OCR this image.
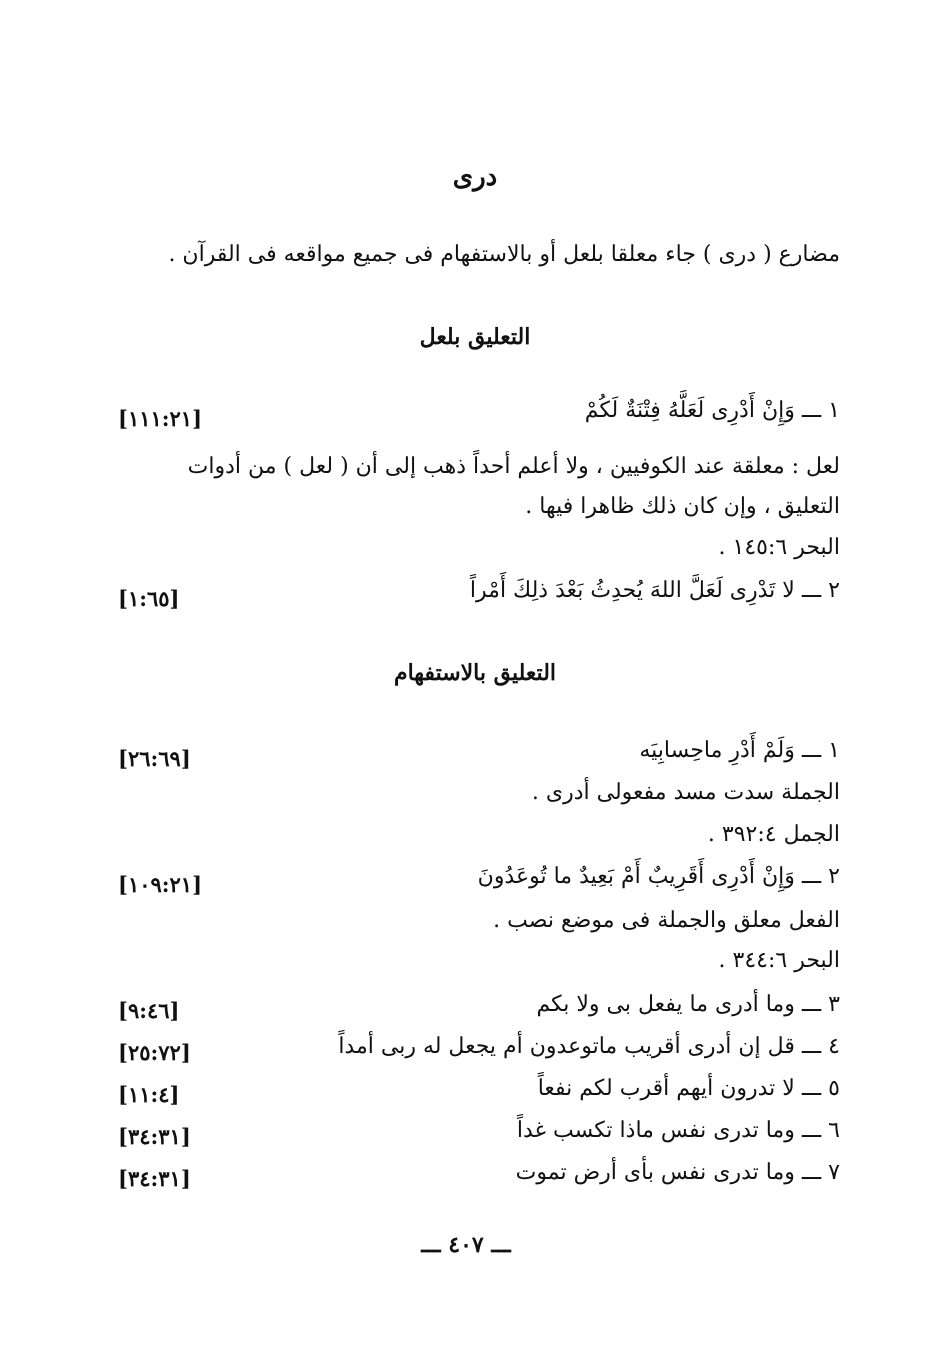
درى
مضارع ( درى ) جاء معلقا بلعل أو بالاستفهام فى جميع مواقعه فى القرآن .
التعليق بلعل
١ ـــ وَإِنْ أَدْرِى لَعَلَّهُ فِتْنَةٌ لَكُمْ
[١١١:٢١]
لعل : معلقة عند الكوفيين ، ولا أعلم أحداً ذهب إلى أن ( لعل ) من أدوات
التعليق ، وإن كان ذلك ظاهرا فيها .
البحر ١٤٥:٦ .
٢ ـــ لا تَدْرِى لَعَلَّ اللهَ يُحدِثُ بَعْدَ ذلِكَ أَمْراً
[١:٦٥]
التعليق بالاستفهام
١ ـــ وَلَمْ أَدْرِ ماحِسابِيَه
[٢٦:٦٩]
الجملة سدت مسد مفعولى أدرى .
الجمل ٣٩٢:٤ .
٢ ـــ وَإِنْ أَدْرِى أَقَرِيبٌ أَمْ بَعِيدٌ ما تُوعَدُونَ
[١٠٩:٢١]
الفعل معلق والجملة فى موضع نصب .
البحر ٣٤٤:٦ .
٣ ـــ وما أدرى ما يفعل بى ولا بكم
[٩:٤٦]
٤ ـــ قل إن أدرى أقريب ماتوعدون أم يجعل له ربى أمداً
[٢٥:٧٢]
٥ ـــ لا تدرون أيهم أقرب لكم نفعاً
[١١:٤]
٦ ـــ وما تدرى نفس ماذا تكسب غداً
[٣٤:٣١]
٧ ـــ وما تدرى نفس بأى أرض تموت
[٣٤:٣١]
ـــ ٤٠٧ ـــ
